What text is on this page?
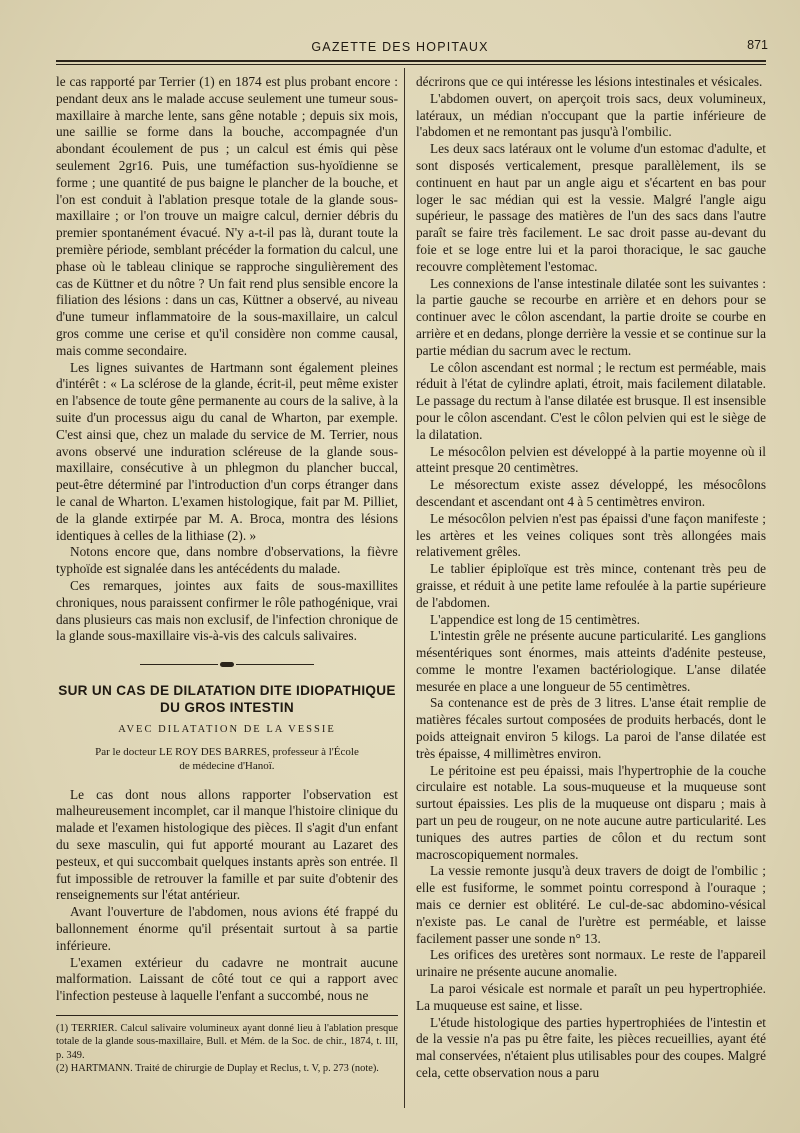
GAZETTE DES HOPITAUX	871

le cas rapporté par Terrier (1) en 1874 est plus probant encore : pendant deux ans le malade accuse seulement une tumeur sous-maxillaire à marche lente, sans gêne notable ; depuis six mois, une saillie se forme dans la bouche, accompagnée d'un abondant écoulement de pus ; un calcul est émis qui pèse seulement 2gr16. Puis, une tuméfaction sus-hyoïdienne se forme ; une quantité de pus baigne le plancher de la bouche, et l'on est conduit à l'ablation presque totale de la glande sous-maxillaire ; or l'on trouve un maigre calcul, dernier débris du premier spontanément évacué. N'y a-t-il pas là, durant toute la première période, semblant précéder la formation du calcul, une phase où le tableau clinique se rapproche singulièrement des cas de Küttner et du nôtre ? Un fait rend plus sensible encore la filiation des lésions : dans un cas, Küttner a observé, au niveau d'une tumeur inflammatoire de la sous-maxillaire, un calcul gros comme une cerise et qu'il considère non comme causal, mais comme secondaire.

Les lignes suivantes de Hartmann sont également pleines d'intérêt : « La sclérose de la glande, écrit-il, peut même exister en l'absence de toute gêne permanente au cours de la salive, à la suite d'un processus aigu du canal de Wharton, par exemple. C'est ainsi que, chez un malade du service de M. Terrier, nous avons observé une induration scléreuse de la glande sous-maxillaire, consécutive à un phlegmon du plancher buccal, peut-être déterminé par l'introduction d'un corps étranger dans le canal de Wharton. L'examen histologique, fait par M. Pilliet, de la glande extirpée par M. A. Broca, montra des lésions identiques à celles de la lithiase (2). »

Notons encore que, dans nombre d'observations, la fièvre typhoïde est signalée dans les antécédents du malade.

Ces remarques, jointes aux faits de sous-maxillites chroniques, nous paraissent confirmer le rôle pathogénique, vrai dans plusieurs cas mais non exclusif, de l'infection chronique de la glande sous-maxillaire vis-à-vis des calculs salivaires.

SUR UN CAS DE DILATATION DITE IDIOPATHIQUE
DU GROS INTESTIN
AVEC DILATATION DE LA VESSIE
Par le docteur LE ROY DES BARRES, professeur à l'École
de médecine d'Hanoï.

Le cas dont nous allons rapporter l'observation est malheureusement incomplet, car il manque l'histoire clinique du malade et l'examen histologique des pièces. Il s'agit d'un enfant du sexe masculin, qui fut apporté mourant au Lazaret des pesteux, et qui succombait quelques instants après son entrée. Il fut impossible de retrouver la famille et par suite d'obtenir des renseignements sur l'état antérieur.

Avant l'ouverture de l'abdomen, nous avions été frappé du ballonnement énorme qu'il présentait surtout à sa partie inférieure.

L'examen extérieur du cadavre ne montrait aucune malformation. Laissant de côté tout ce qui a rapport avec l'infection pesteuse à laquelle l'enfant a succombé, nous ne

(1) TERRIER. Calcul salivaire volumineux ayant donné lieu à l'ablation presque totale de la glande sous-maxillaire, Bull. et Mém. de la Soc. de chir., 1874, t. III, p. 349.

(2) HARTMANN. Traité de chirurgie de Duplay et Reclus, t. V, p. 273 (note).

décrirons que ce qui intéresse les lésions intestinales et vésicales.

L'abdomen ouvert, on aperçoit trois sacs, deux volumineux, latéraux, un médian n'occupant que la partie inférieure de l'abdomen et ne remontant pas jusqu'à l'ombilic.

Les deux sacs latéraux ont le volume d'un estomac d'adulte, et sont disposés verticalement, presque parallèlement, ils se continuent en haut par un angle aigu et s'écartent en bas pour loger le sac médian qui est la vessie. Malgré l'angle aigu supérieur, le passage des matières de l'un des sacs dans l'autre paraît se faire très facilement. Le sac droit passe au-devant du foie et se loge entre lui et la paroi thoracique, le sac gauche recouvre complètement l'estomac.

Les connexions de l'anse intestinale dilatée sont les suivantes : la partie gauche se recourbe en arrière et en dehors pour se continuer avec le côlon ascendant, la partie droite se courbe en arrière et en dedans, plonge derrière la vessie et se continue sur la partie médian du sacrum avec le rectum.

Le côlon ascendant est normal ; le rectum est perméable, mais réduit à l'état de cylindre aplati, étroit, mais facilement dilatable. Le passage du rectum à l'anse dilatée est brusque. Il est insensible pour le côlon ascendant. C'est le côlon pelvien qui est le siège de la dilatation.

Le mésocôlon pelvien est développé à la partie moyenne où il atteint presque 20 centimètres.

Le mésorectum existe assez développé, les mésocôlons descendant et ascendant ont 4 à 5 centimètres environ.

Le mésocôlon pelvien n'est pas épaissi d'une façon manifeste ; les artères et les veines coliques sont très allongées mais relativement grêles.

Le tablier épiploïque est très mince, contenant très peu de graisse, et réduit à une petite lame refoulée à la partie supérieure de l'abdomen.

L'appendice est long de 15 centimètres.

L'intestin grêle ne présente aucune particularité. Les ganglions mésentériques sont énormes, mais atteints d'adénite pesteuse, comme le montre l'examen bactériologique. L'anse dilatée mesurée en place a une longueur de 55 centimètres.

Sa contenance est de près de 3 litres. L'anse était remplie de matières fécales surtout composées de produits herbacés, dont le poids atteignait environ 5 kilogs. La paroi de l'anse dilatée est très épaisse, 4 millimètres environ.

Le péritoine est peu épaissi, mais l'hypertrophie de la couche circulaire est notable. La sous-muqueuse et la muqueuse sont surtout épaissies. Les plis de la muqueuse ont disparu ; mais à part un peu de rougeur, on ne note aucune autre particularité. Les tuniques des autres parties de côlon et du rectum sont macroscopiquement normales.

La vessie remonte jusqu'à deux travers de doigt de l'ombilic ; elle est fusiforme, le sommet pointu correspond à l'ouraque ; mais ce dernier est oblitéré. Le cul-de-sac abdomino-vésical n'existe pas. Le canal de l'urètre est perméable, et laisse facilement passer une sonde n° 13.

Les orifices des uretères sont normaux. Le reste de l'appareil urinaire ne présente aucune anomalie.

La paroi vésicale est normale et paraît un peu hypertrophiée. La muqueuse est saine, et lisse.

L'étude histologique des parties hypertrophiées de l'intestin et de la vessie n'a pas pu être faite, les pièces recueillies, ayant été mal conservées, n'étaient plus utilisables pour des coupes. Malgré cela, cette observation nous a paru
